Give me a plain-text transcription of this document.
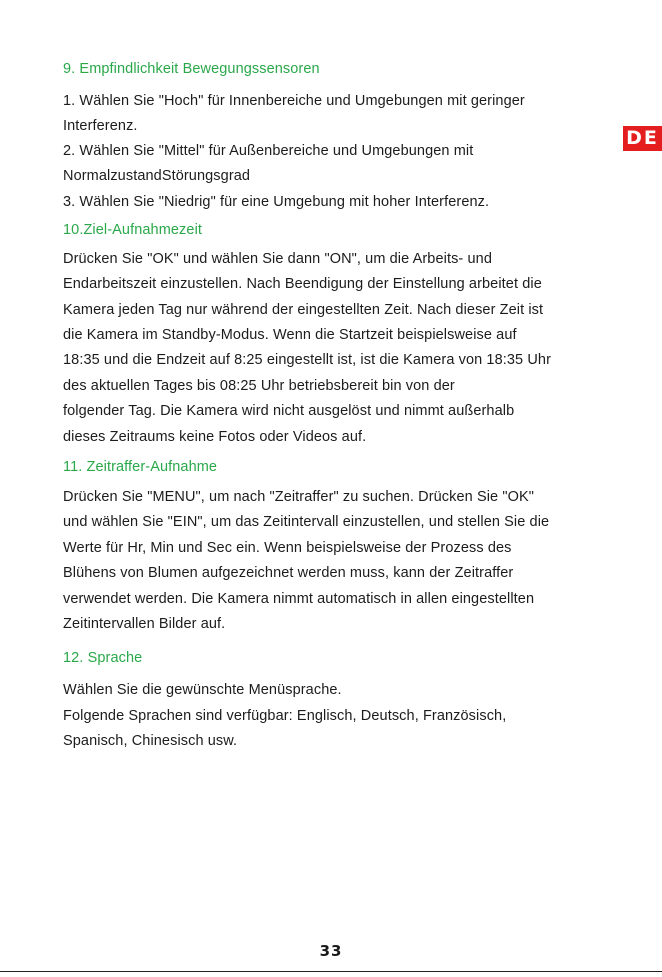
DE
9. Empfindlichkeit Bewegungssensoren
1. Wählen Sie "Hoch" für Innenbereiche und Umgebungen mit geringer
Interferenz.
2. Wählen Sie "Mittel" für Außenbereiche und Umgebungen mit
NormalzustandStörungsgrad
3. Wählen Sie "Niedrig" für eine Umgebung mit hoher Interferenz.
10.Ziel-Aufnahmezeit
Drücken Sie "OK" und wählen Sie dann "ON", um die Arbeits- und
Endarbeitszeit einzustellen. Nach Beendigung der Einstellung arbeitet die
Kamera jeden Tag nur während der eingestellten Zeit. Nach dieser Zeit ist
die Kamera im Standby-Modus. Wenn die Startzeit beispielsweise auf
18:35 und die Endzeit auf 8:25 eingestellt ist, ist die Kamera von 18:35 Uhr
des aktuellen Tages bis 08:25 Uhr betriebsbereit bin von der
folgender Tag. Die Kamera wird nicht ausgelöst und nimmt außerhalb
dieses Zeitraums keine Fotos oder Videos auf.
11. Zeitraffer-Aufnahme
Drücken Sie "MENU", um nach "Zeitraffer" zu suchen. Drücken Sie "OK"
und wählen Sie "EIN", um das Zeitintervall einzustellen, und stellen Sie die
Werte für Hr, Min und Sec ein. Wenn beispielsweise der Prozess des
Blühens von Blumen aufgezeichnet werden muss, kann der Zeitraffer
verwendet werden. Die Kamera nimmt automatisch in allen eingestellten
Zeitintervallen Bilder auf.
12. Sprache
Wählen Sie die gewünschte Menüsprache.
Folgende Sprachen sind verfügbar: Englisch, Deutsch, Französisch,
Spanisch, Chinesisch usw.
33
